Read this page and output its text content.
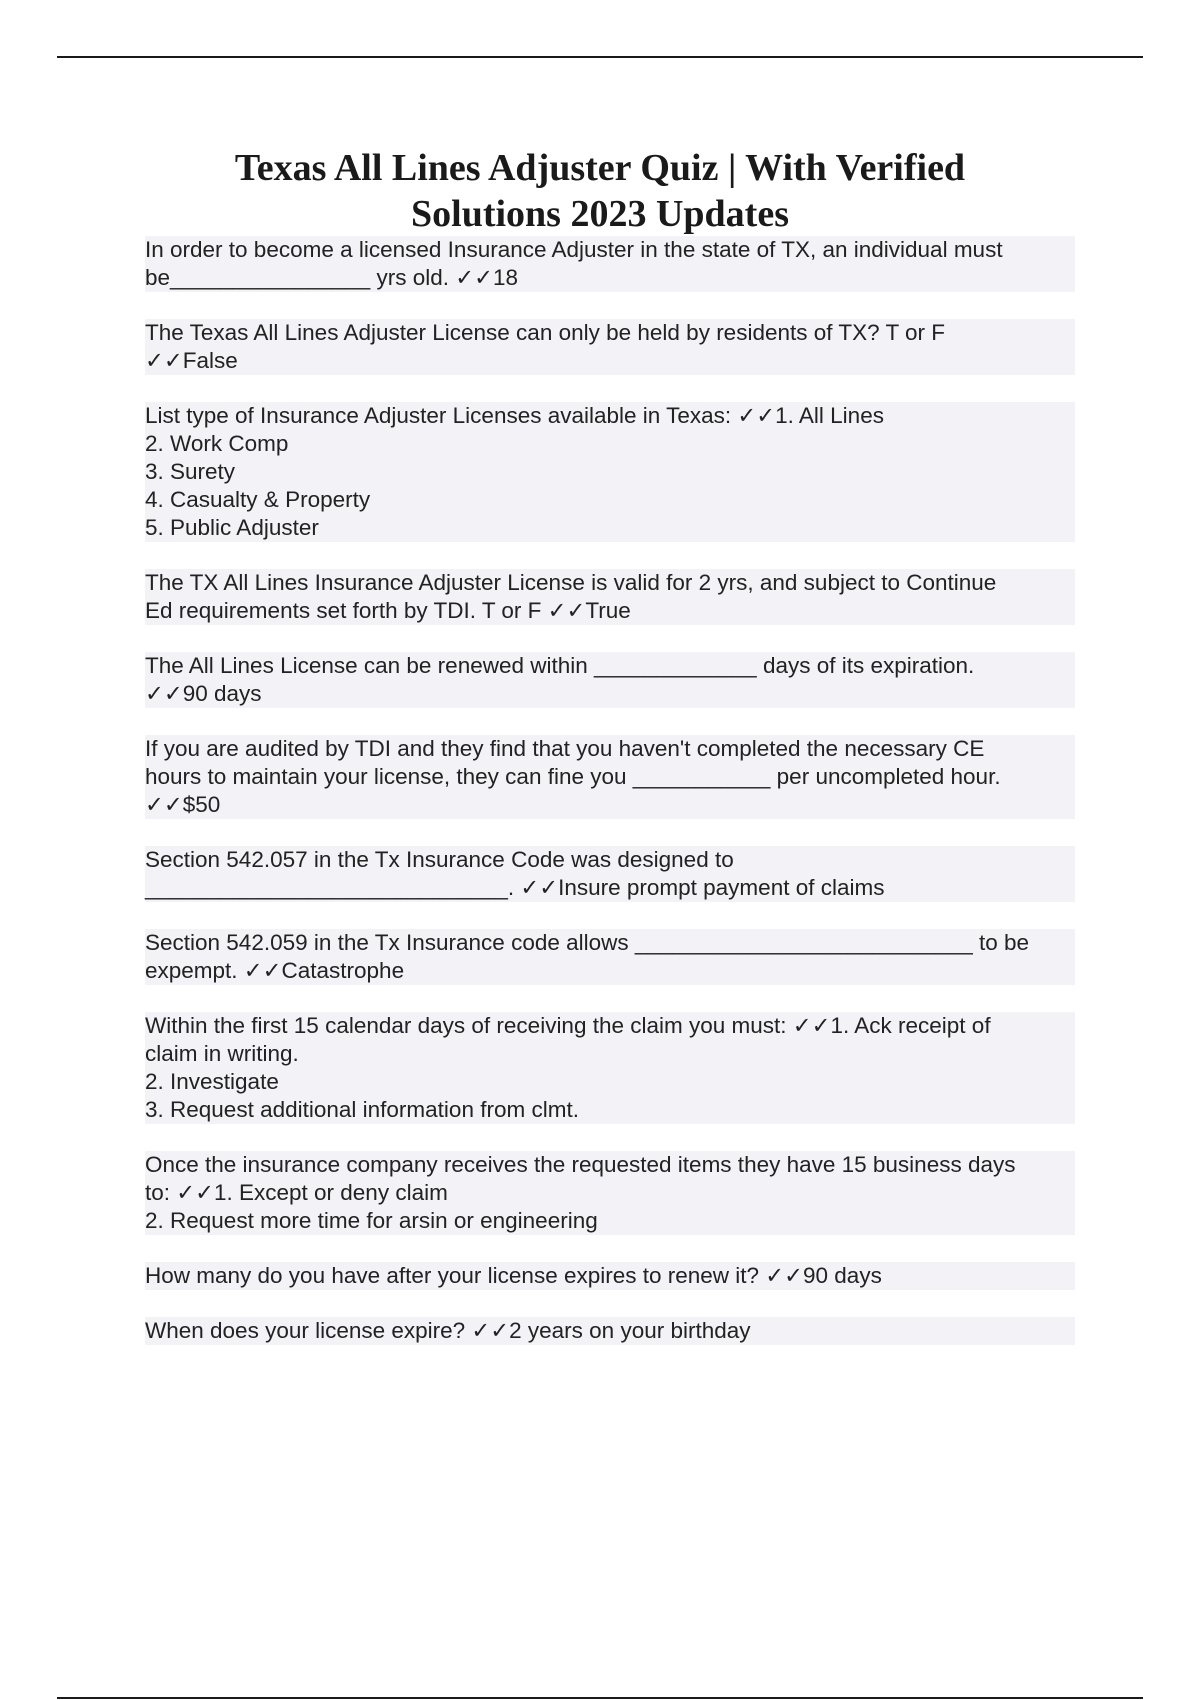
Texas All Lines Adjuster Quiz | With Verified
Solutions 2023 Updates
In order to become a licensed Insurance Adjuster in the state of TX, an individual must
be________________ yrs old. ✓✓18
The Texas All Lines Adjuster License can only be held by residents of TX? T or F
✓✓False
List type of Insurance Adjuster Licenses available in Texas: ✓✓1. All Lines
2. Work Comp
3. Surety
4. Casualty & Property
5. Public Adjuster
The TX All Lines Insurance Adjuster License is valid for 2 yrs, and subject to Continue
Ed requirements set forth by TDI. T or F ✓✓True
The All Lines License can be renewed within _____________ days of its expiration.
✓✓90 days
If you are audited by TDI and they find that you haven't completed the necessary CE
hours to maintain your license, they can fine you ___________ per uncompleted hour.
✓✓$50
Section 542.057 in the Tx Insurance Code was designed to
_____________________________. ✓✓Insure prompt payment of claims
Section 542.059 in the Tx Insurance code allows ___________________________ to be
expempt. ✓✓Catastrophe
Within the first 15 calendar days of receiving the claim you must: ✓✓1. Ack receipt of
claim in writing.
2. Investigate
3. Request additional information from clmt.
Once the insurance company receives the requested items they have 15 business days
to: ✓✓1. Except or deny claim
2. Request more time for arsin or engineering
How many do you have after your license expires to renew it? ✓✓90 days
When does your license expire? ✓✓2 years on your birthday
